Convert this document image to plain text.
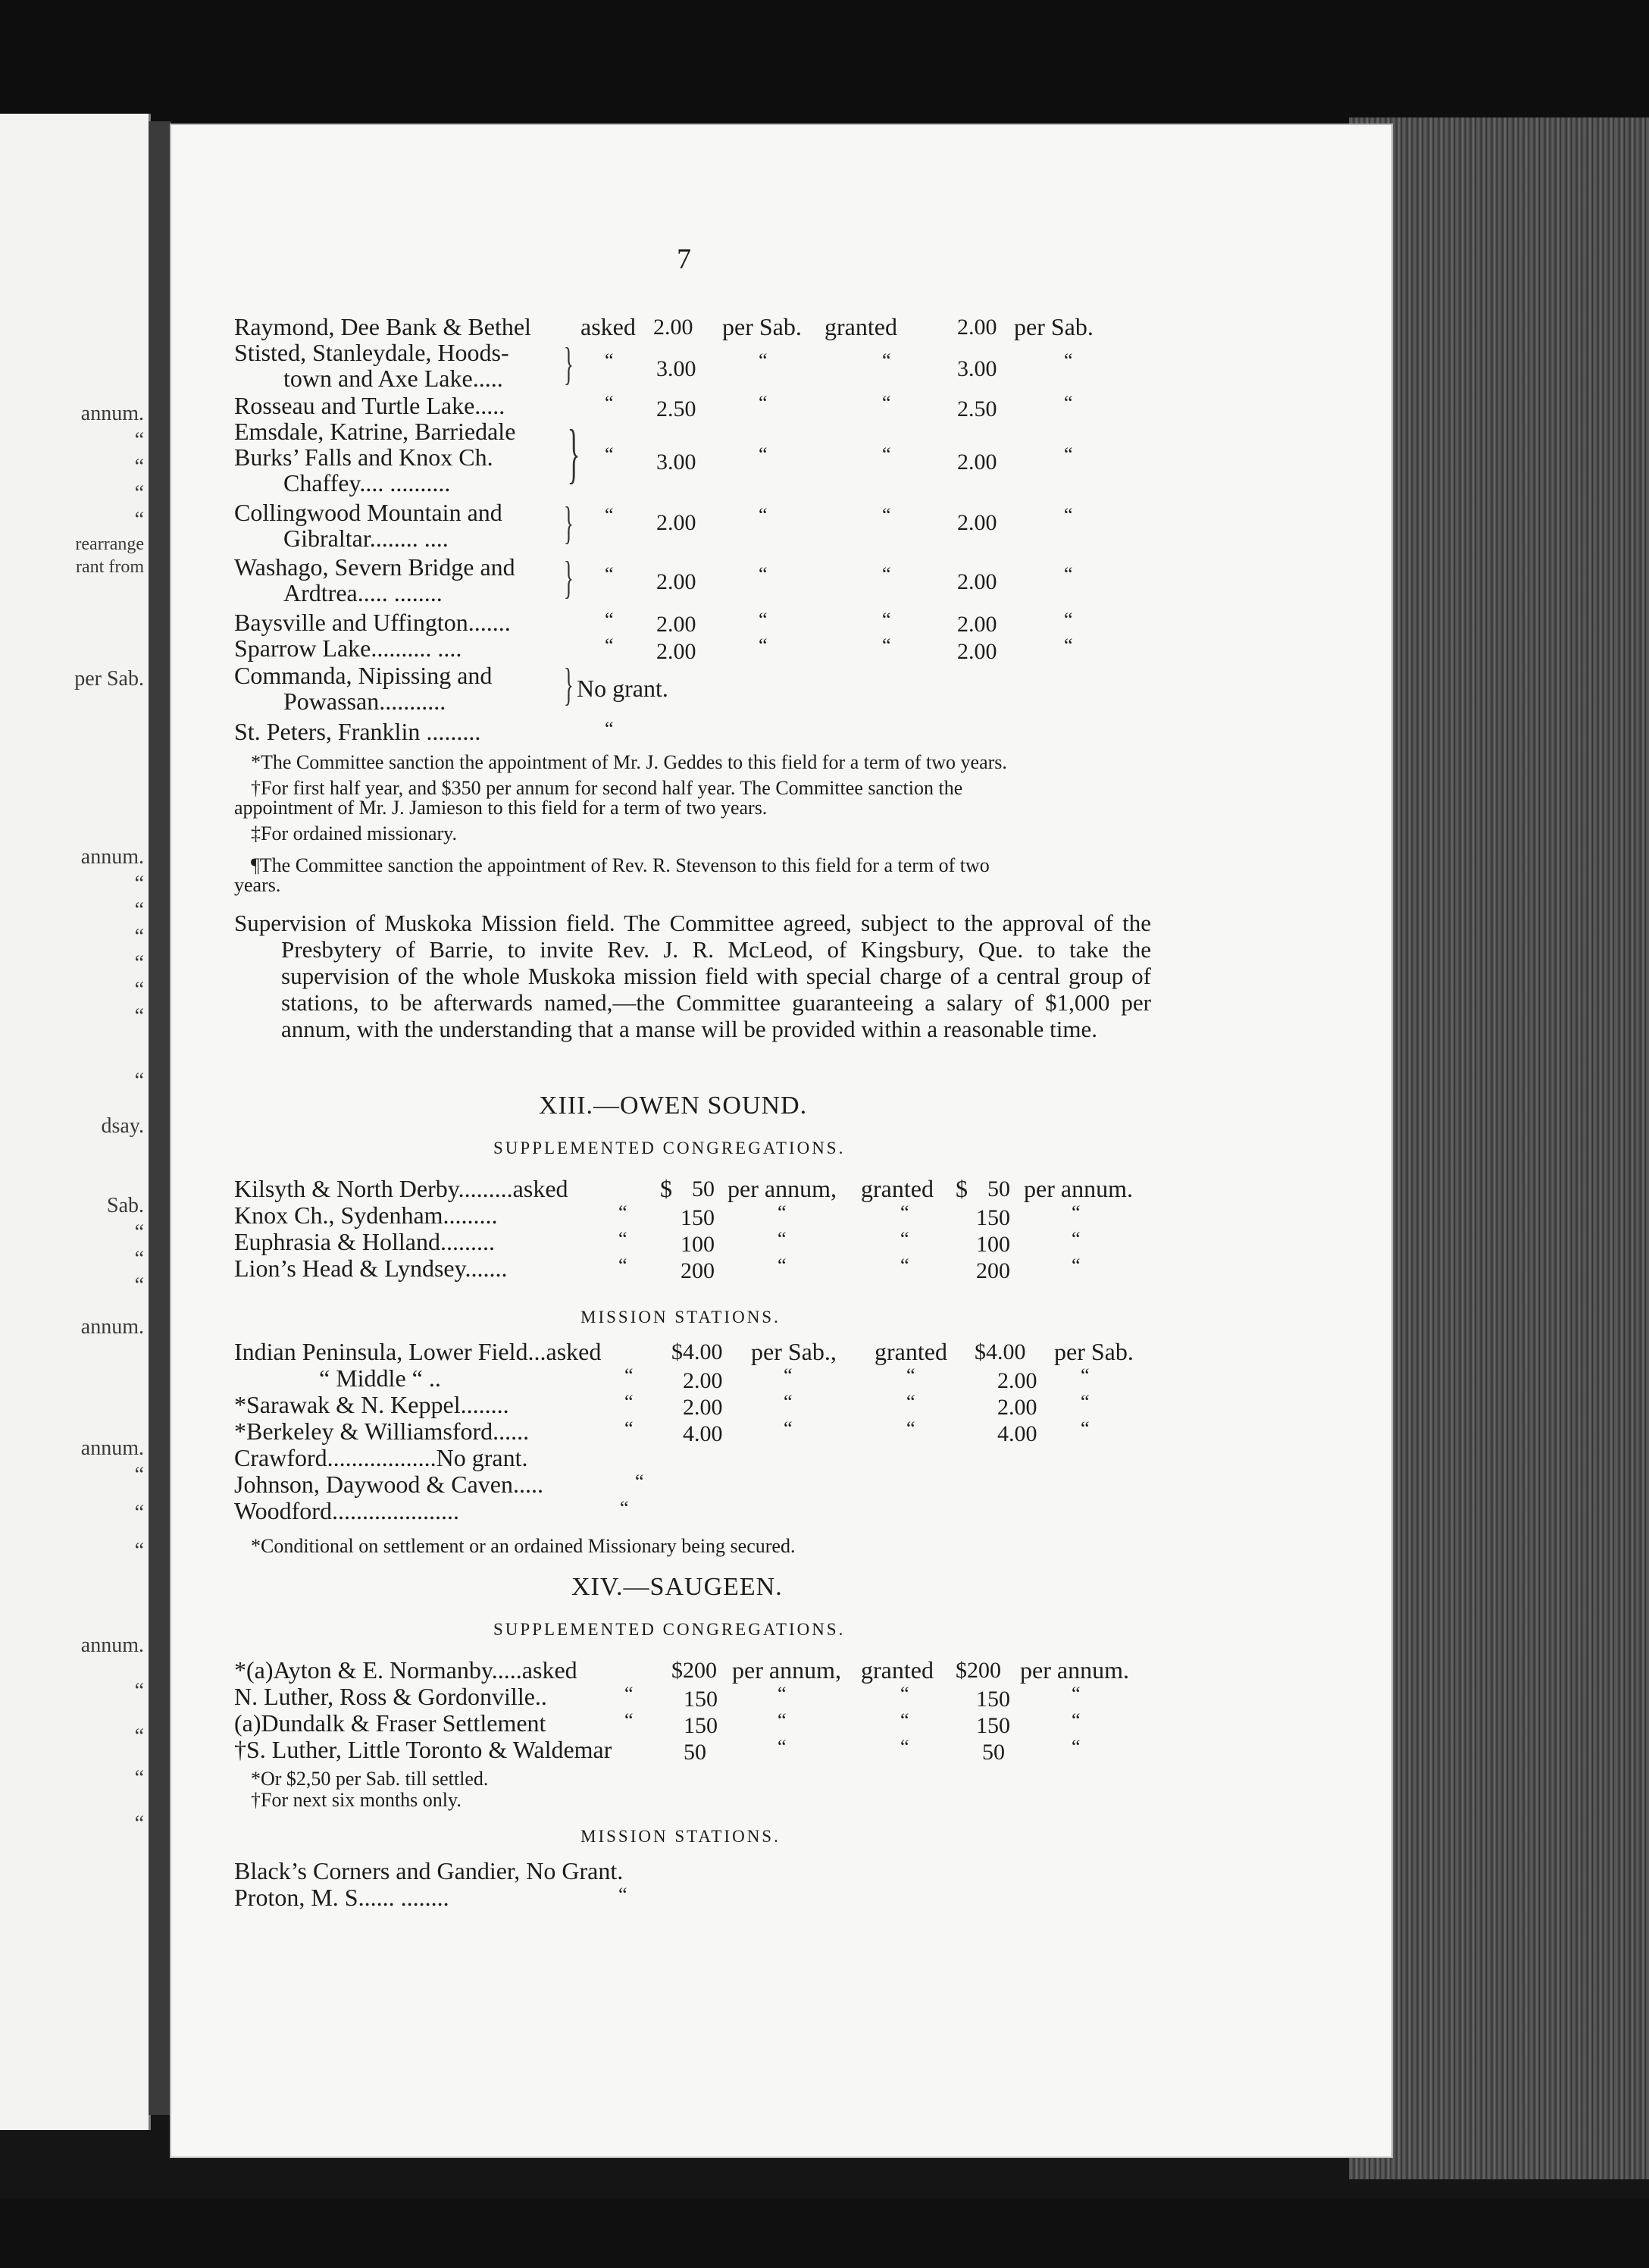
annum.
“
“
“
“
rearrange
rant from
per Sab.
annum.
“
“
“
“
“
“
“
dsay.
Sab.
“
“
“
annum.
annum.
“
“
“
annum.
“
“
“
“
7
Raymond, Dee Bank & Bethel asked 2.00 per Sab. granted	2.00 per Sab.
Stisted, Stanleydale, Hoods-
town and Axe Lake..... } “ 3.00	“	“	3.00	“
Rosseau and Turtle Lake.....	“ 2.50	“	“	2.50	“
Emsdale, Katrine, Barriedale
Burks’ Falls and Knox Ch.
Chaffey.... .......... } “ 3.00	“	“	2.00	“
Collingwood Mountain and
Gibraltar........ ....	} “ 2.00	“	“	2.00	“
Washago, Severn Bridge and
Ardtrea..... ........	} “ 2.00	“	“	2.00	“
Baysville and Uffington.......	“ 2.00	“	“	2.00	“
Sparrow Lake.......... ....	“ 2.00	“	“	2.00	“
Commanda, Nipissing and
Powassan...........	} No grant.
St. Peters, Franklin .........	“
*The Committee sanction the appointment of Mr. J. Geddes to this field for a term of two years.
†For first half year, and $350 per annum for second half year. The Committee sanction the
appointment of Mr. J. Jamieson to this field for a term of two years.
‡For ordained missionary.
¶The Committee sanction the appointment of Rev. R. Stevenson to this field for a term of two
years.
Supervision of Muskoka Mission field. The Committee agreed, subject to the approval of the Presbytery of Barrie, to invite Rev. J. R. McLeod, of Kingsbury, Que. to take the supervision of the whole Muskoka mission field with special charge of a central group of stations, to be afterwards named,—the Committee guaranteeing a salary of $1,000 per annum, with the understanding that a manse will be provided within a reasonable time.
XIII.—OWEN SOUND.
SUPPLEMENTED CONGREGATIONS.
Kilsyth & North Derby.........asked	$ 50 per annum, granted $ 50 per annum.
Knox Ch., Sydenham.........	“ 150	“	“	150	“
Euphrasia & Holland.........	“ 100	“	“	100	“
Lion’s Head & Lyndsey.......	“ 200	“	“	200	“
MISSION STATIONS.
Indian Peninsula, Lower Field...asked	$4.00 per Sab., granted $4.00 per Sab.
“ Middle “ ..	“ 2.00	“	“	2.00 “
*Sarawak & N. Keppel........	“ 2.00	“	“	2.00 “
*Berkeley & Williamsford......	“ 4.00	“	“	4.00 “
Crawford..................No grant.
Johnson, Daywood & Caven.....	“
Woodford.....................	“
*Conditional on settlement or an ordained Missionary being secured.
XIV.—SAUGEEN.
SUPPLEMENTED CONGREGATIONS.
*(a)Ayton & E. Normanby.....asked	$200 per annum, granted $200 per annum.
N. Luther, Ross & Gordonville..	“ 150	“	“	150	“
(a)Dundalk & Fraser Settlement	“ 150	“	“	150	“
†S. Luther, Little Toronto & Waldemar	50	“	“	50	“
*Or $2,50 per Sab. till settled.
†For next six months only.
MISSION STATIONS.
Black’s Corners and Gandier, No Grant.
Proton, M. S...... ........	“
